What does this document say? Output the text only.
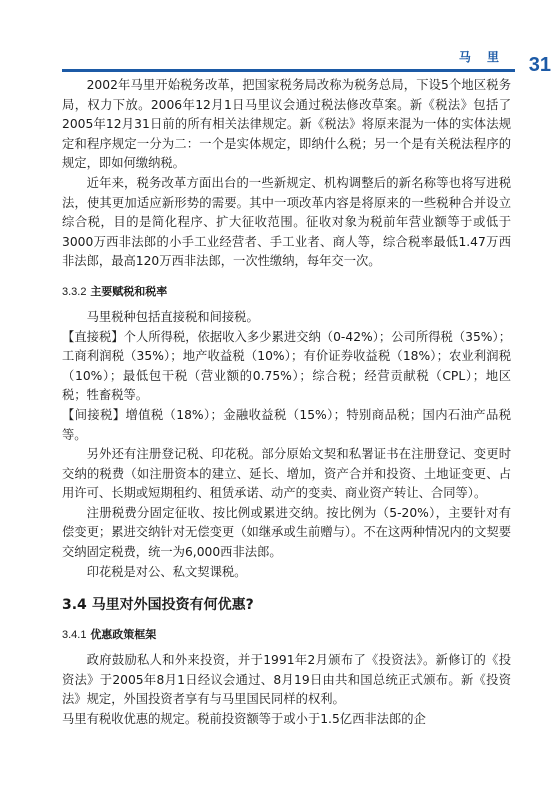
马 里 31

2002年马里开始税务改革，把国家税务局改称为税务总局，下设5个地区税务局，权力下放。2006年12月1日马里议会通过税法修改草案。新《税法》包括了2005年12月31日前的所有相关法律规定。新《税法》将原来混为一体的实体法规定和程序规定一分为二：一个是实体规定，即纳什么税；另一个是有关税法程序的规定，即如何缴纳税。

近年来，税务改革方面出台的一些新规定、机构调整后的新名称等也将写进税法，使其更加适应新形势的需要。其中一项改革内容是将原来的一些税种合并设立综合税，目的是简化程序、扩大征收范围。征收对象为税前年营业额等于或低于3000万西非法郎的小手工业经营者、手工业者、商人等，综合税率最低1.47万西非法郎，最高120万西非法郎，一次性缴纳，每年交一次。

3.3.2 主要赋税和税率

马里税种包括直接税和间接税。

【直接税】个人所得税，依据收入多少累进交纳（0-42%）；公司所得税（35%）；工商利润税（35%）；地产收益税（10%）；有价证券收益税（18%）；农业利润税（10%）；最低包干税（营业额的0.75%）；综合税；经营贡献税（CPL）；地区税；牲畜税等。

【间接税】增值税（18%）；金融收益税（15%）；特别商品税；国内石油产品税等。

另外还有注册登记税、印花税。部分原始文契和私署证书在注册登记、变更时交纳的税费（如注册资本的建立、延长、增加，资产合并和投资、土地证变更、占用许可、长期或短期租约、租赁承诺、动产的变卖、商业资产转让、合同等）。

注册税费分固定征收、按比例或累进交纳。按比例为（5-20%），主要针对有偿变更；累进交纳针对无偿变更（如继承或生前赠与）。不在这两种情况内的文契要交纳固定税费，统一为6,000西非法郎。

印花税是对公、私文契课税。

3.4 马里对外国投资有何优惠?
3.4.1 优惠政策框架

政府鼓励私人和外来投资，并于1991年2月颁布了《投资法》。新修订的《投资法》于2005年8月1日经议会通过、8月19日由共和国总统正式颁布。新《投资法》规定，外国投资者享有与马里国民同样的权利。

马里有税收优惠的规定。税前投资额等于或小于1.5亿西非法郎的企
